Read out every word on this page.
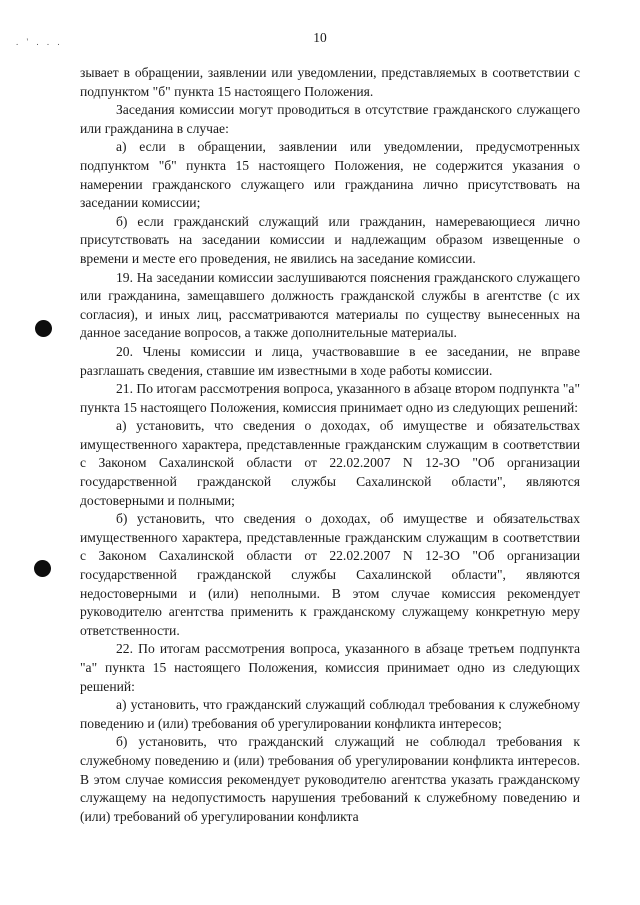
. ' . . .	10

зывает в обращении, заявлении или уведомлении, представляемых в соответствии с подпунктом "б" пункта 15 настоящего Положения.

Заседания комиссии могут проводиться в отсутствие гражданского служащего или гражданина в случае:

а) если в обращении, заявлении или уведомлении, предусмотренных подпунктом "б" пункта 15 настоящего Положения, не содержится указания о намерении гражданского служащего или гражданина лично присутствовать на заседании комиссии;

б) если гражданский служащий или гражданин, намеревающиеся лично присутствовать на заседании комиссии и надлежащим образом извещенные о времени и месте его проведения, не явились на заседание комиссии.

19. На заседании комиссии заслушиваются пояснения гражданского служащего или гражданина, замещавшего должность гражданской службы в агентстве (с их согласия), и иных лиц, рассматриваются материалы по существу вынесенных на данное заседание вопросов, а также дополнительные материалы.

20. Члены комиссии и лица, участвовавшие в ее заседании, не вправе разглашать сведения, ставшие им известными в ходе работы комиссии.

21. По итогам рассмотрения вопроса, указанного в абзаце втором подпункта "а" пункта 15 настоящего Положения, комиссия принимает одно из следующих решений:

а) установить, что сведения о доходах, об имуществе и обязательствах имущественного характера, представленные гражданским служащим в соответствии с Законом Сахалинской области от 22.02.2007 N 12-ЗО "Об организации государственной гражданской службы Сахалинской области", являются достоверными и полными;

б) установить, что сведения о доходах, об имуществе и обязательствах имущественного характера, представленные гражданским служащим в соответствии с Законом Сахалинской области от 22.02.2007 N 12-ЗО "Об организации государственной гражданской службы Сахалинской области", являются недостоверными и (или) неполными. В этом случае комиссия рекомендует руководителю агентства применить к гражданскому служащему конкретную меру ответственности.

22. По итогам рассмотрения вопроса, указанного в абзаце третьем подпункта "а" пункта 15 настоящего Положения, комиссия принимает одно из следующих решений:

а) установить, что гражданский служащий соблюдал требования к служебному поведению и (или) требования об урегулировании конфликта интересов;

б) установить, что гражданский служащий не соблюдал требования к служебному поведению и (или) требования об урегулировании конфликта интересов. В этом случае комиссия рекомендует руководителю агентства указать гражданскому служащему на недопустимость нарушения требований к служебному поведению и (или) требований об урегулировании конфликта
